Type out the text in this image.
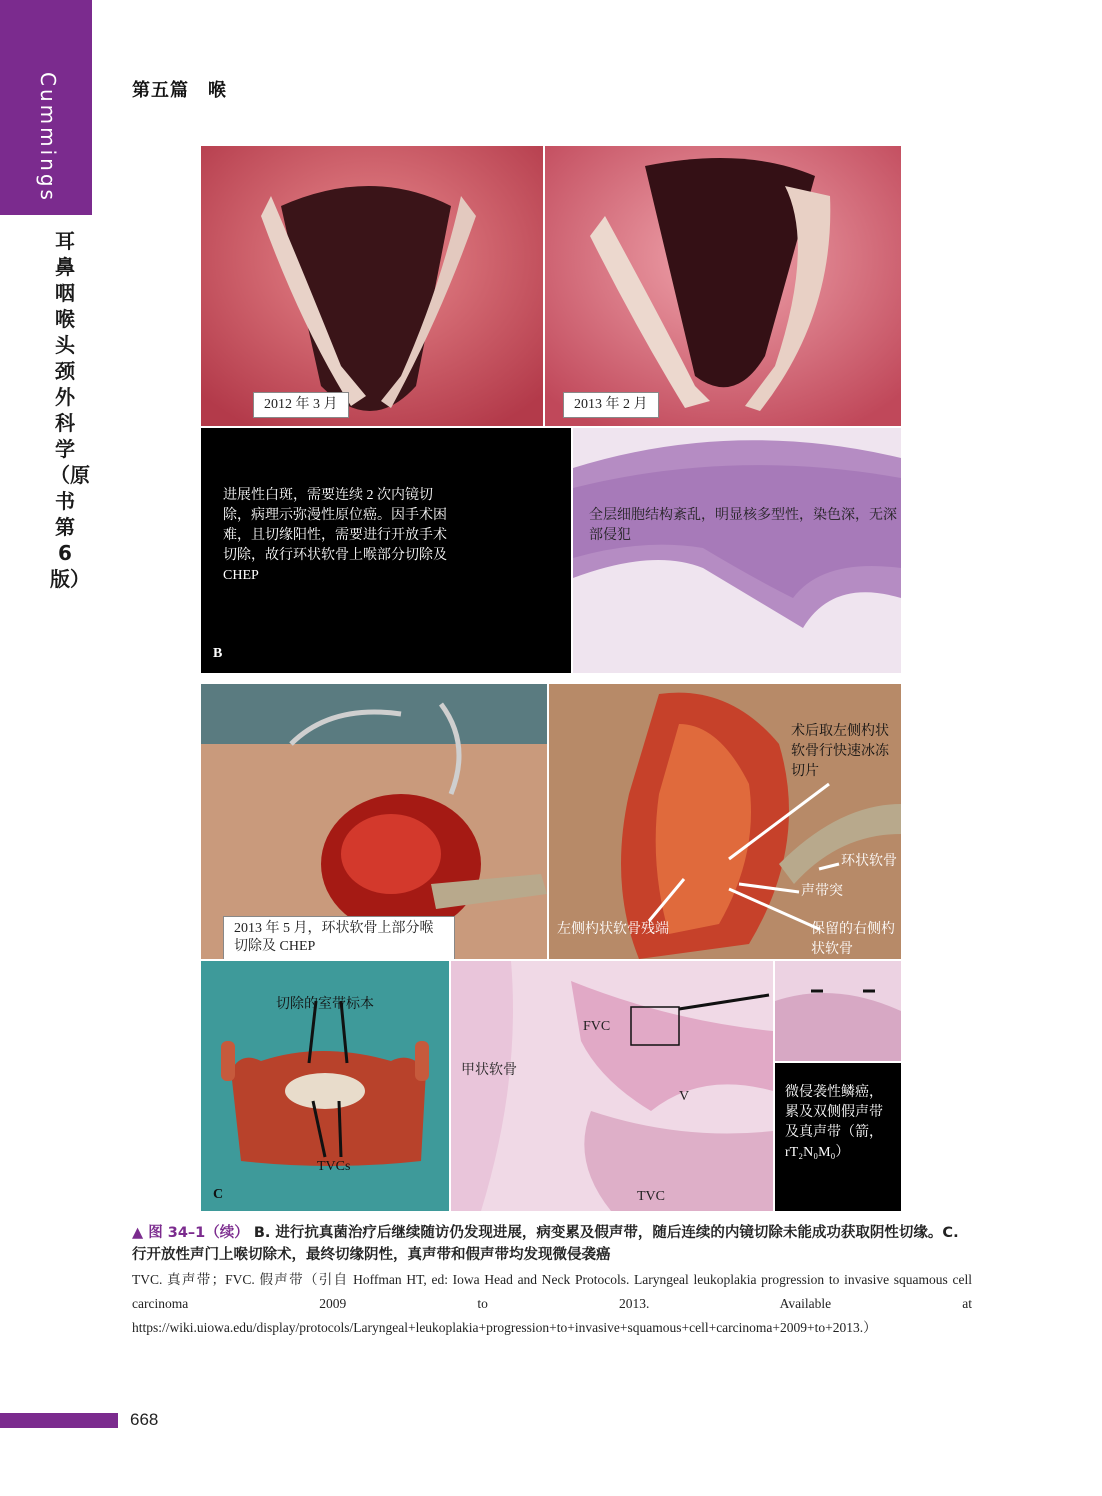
Cummings
耳鼻咽喉头颈外科学（原书第6版）
第五篇　喉
2012 年 3 月	2013 年 2 月
进展性白斑，需要连续 2 次内镜切除，病理示弥漫性原位癌。因手术困难，且切缘阳性，需要进行开放手术切除，故行环状软骨上喉部分切除及 CHEP
B
全层细胞结构紊乱，明显核多型性，染色深，无深部侵犯
2013 年 5 月，环状软骨上部分喉切除及 CHEP
术后取左侧杓状软骨行快速冰冻切片
环状软骨
声带突
左侧杓状软骨残端	保留的右侧杓状软骨
切除的室带标本
TVCs
C
FVC
甲状软骨
V
TVC
微侵袭性鳞癌，累及双侧假声带及真声带（箭，rT₂N₀M₀）
▲ 图 34–1（续） B. 进行抗真菌治疗后继续随访仍发现进展，病变累及假声带，随后连续的内镜切除未能成功获取阴性切缘。C. 行开放性声门上喉切除术，最终切缘阴性，真声带和假声带均发现微侵袭癌
TVC. 真声带；FVC. 假声带（引自 Hoffman HT, ed: Iowa Head and Neck Protocols. Laryngeal leukoplakia progression to invasive squamous cell carcinoma 2009 to 2013. Available at https://wiki.uiowa.edu/display/protocols/Laryngeal+leukoplakia+progression+to+invasive+squamous+cell+carcinoma+2009+to+2013.）
668
